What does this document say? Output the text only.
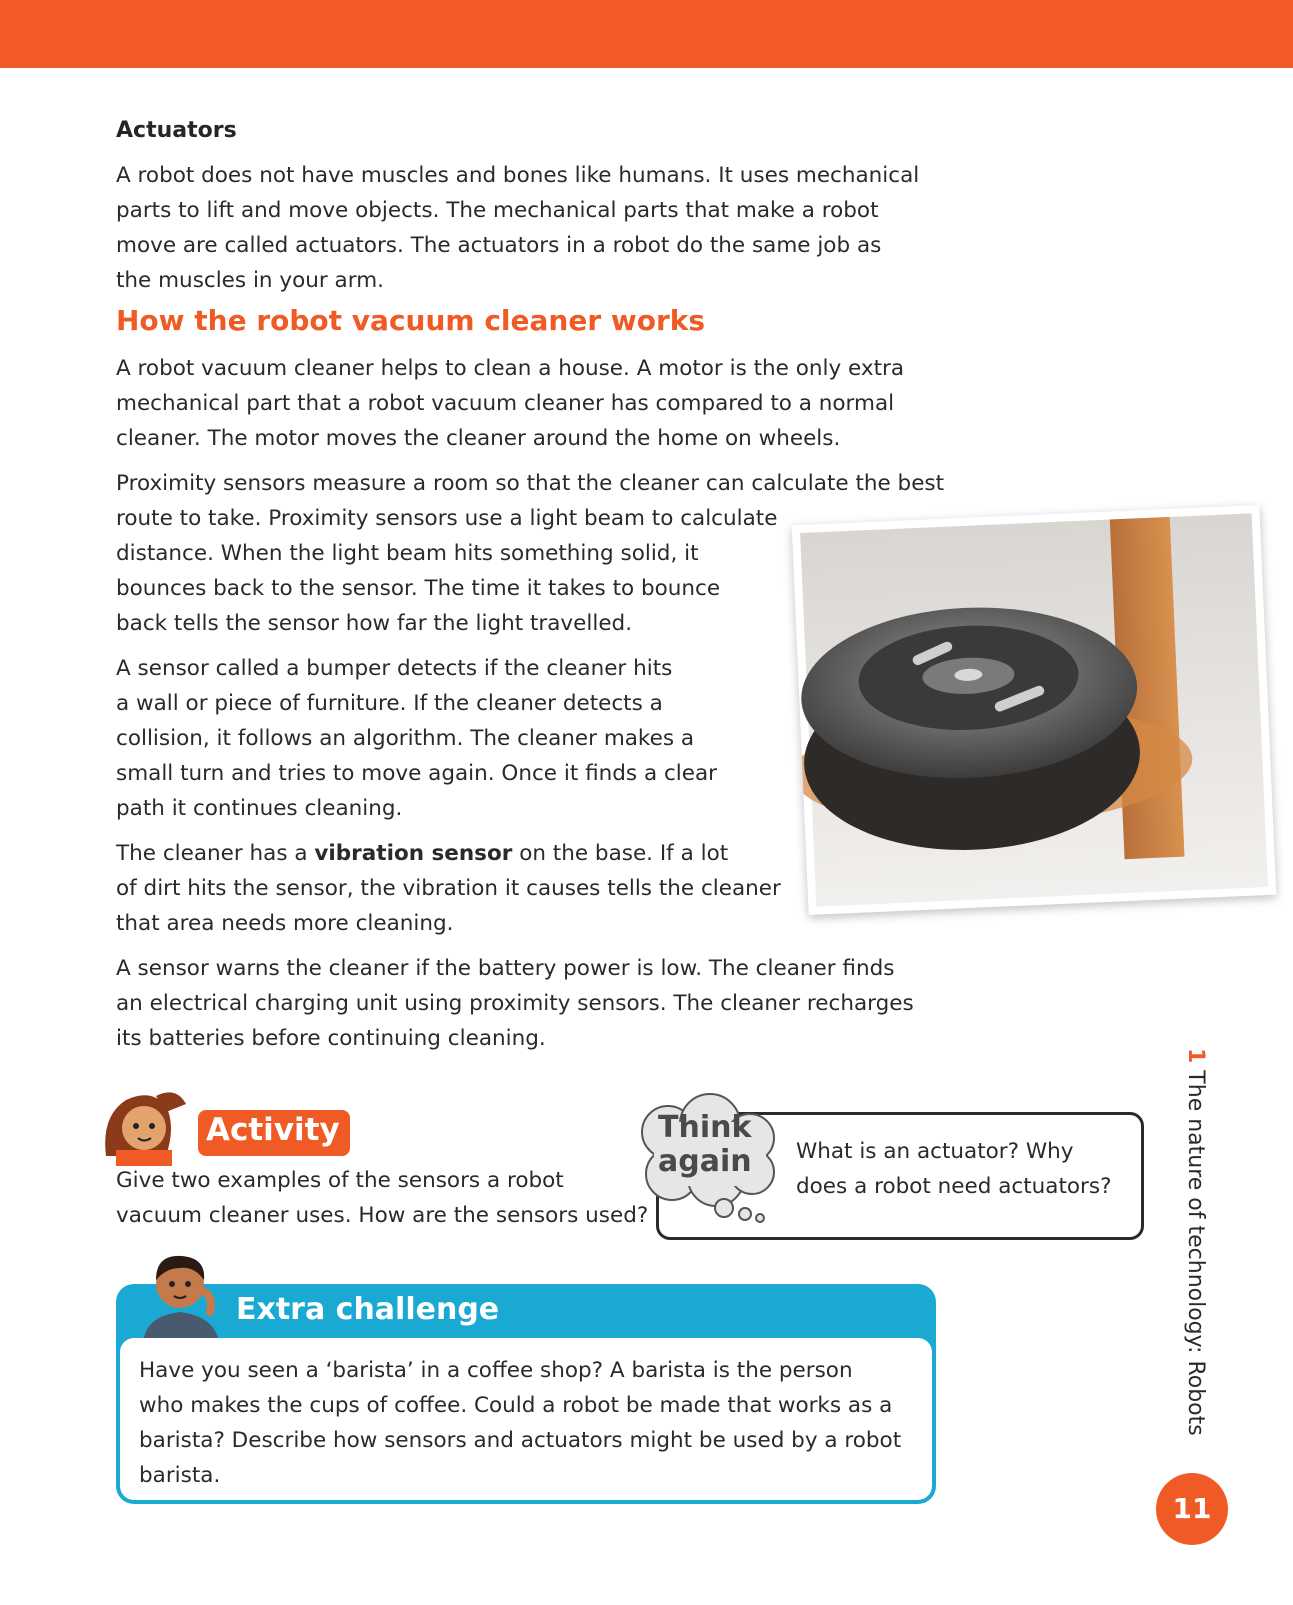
Actuators

A robot does not have muscles and bones like humans. It uses mechanical
parts to lift and move objects. The mechanical parts that make a robot
move are called actuators. The actuators in a robot do the same job as
the muscles in your arm.

How the robot vacuum cleaner works

A robot vacuum cleaner helps to clean a house. A motor is the only extra
mechanical part that a robot vacuum cleaner has compared to a normal
cleaner. The motor moves the cleaner around the home on wheels.

Proximity sensors measure a room so that the cleaner can calculate the best
route to take. Proximity sensors use a light beam to calculate
distance. When the light beam hits something solid, it
bounces back to the sensor. The time it takes to bounce
back tells the sensor how far the light travelled.

A sensor called a bumper detects if the cleaner hits
a wall or piece of furniture. If the cleaner detects a
collision, it follows an algorithm. The cleaner makes a
small turn and tries to move again. Once it finds a clear
path it continues cleaning.

The cleaner has a vibration sensor on the base. If a lot
of dirt hits the sensor, the vibration it causes tells the cleaner
that area needs more cleaning.

A sensor warns the cleaner if the battery power is low. The cleaner finds
an electrical charging unit using proximity sensors. The cleaner recharges
its batteries before continuing cleaning.

Activity

Give two examples of the sensors a robot
vacuum cleaner uses. How are the sensors used?

Think
again What is an actuator? Why
does a robot need actuators?

Extra challenge

Have you seen a ‘barista’ in a coffee shop? A barista is the person
who makes the cups of coffee. Could a robot be made that works as a
barista? Describe how sensors and actuators might be used by a robot
barista.

1 The nature of technology: Robots
11
